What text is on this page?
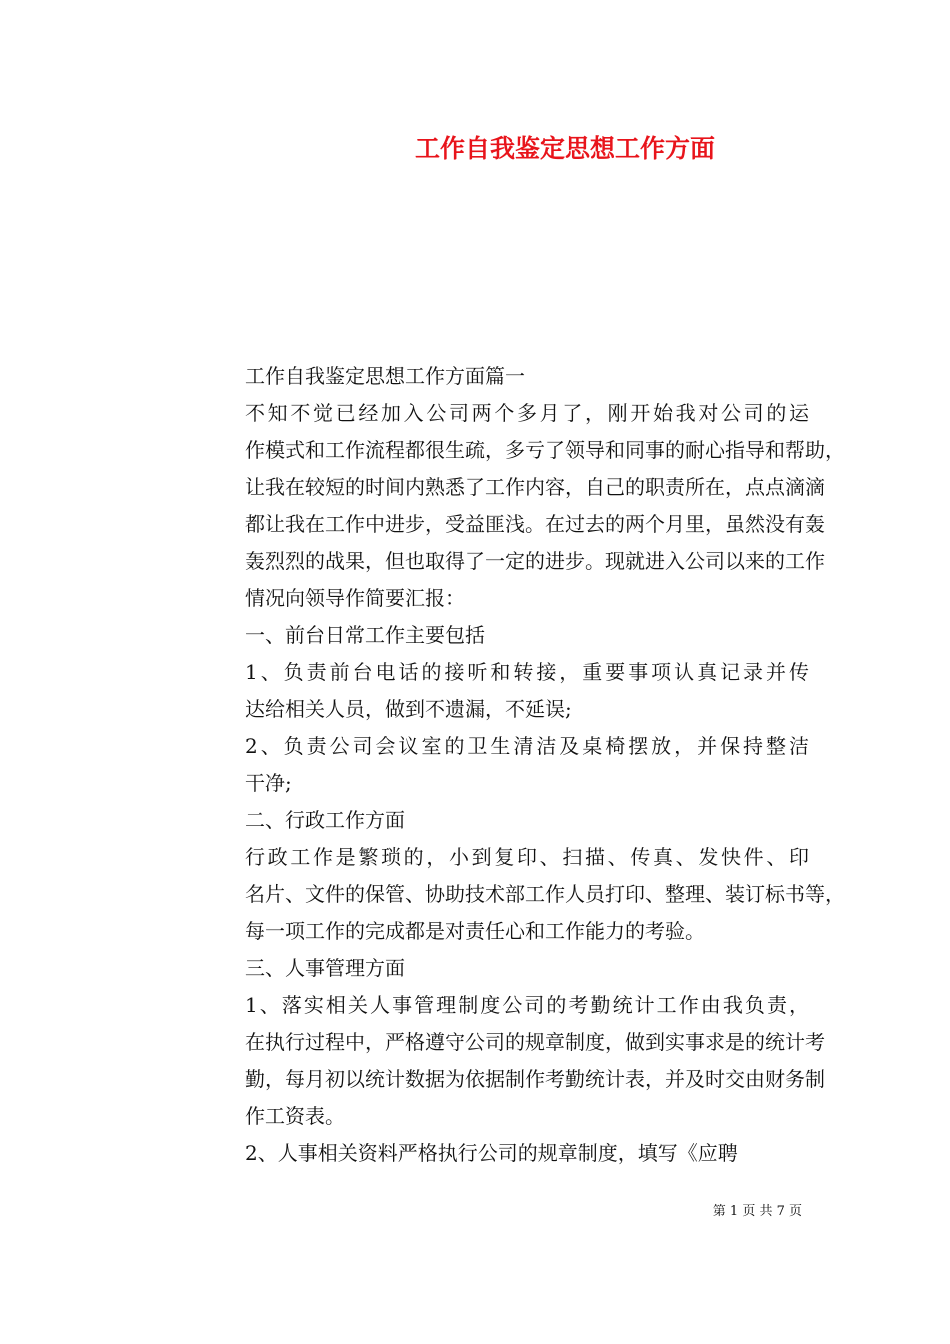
工作自我鉴定思想工作方面

工作自我鉴定思想工作方面篇一

不知不觉已经加入公司两个多月了，刚开始我对公司的运
作模式和工作流程都很生疏，多亏了领导和同事的耐心指导和帮助，
让我在较短的时间内熟悉了工作内容，自己的职责所在，点点滴滴
都让我在工作中进步，受益匪浅。在过去的两个月里，虽然没有轰
轰烈烈的战果，但也取得了一定的进步。现就进入公司以来的工作
情况向领导作简要汇报：

一、前台日常工作主要包括

1、负责前台电话的接听和转接，重要事项认真记录并传
达给相关人员，做到不遗漏，不延误;

2、负责公司会议室的卫生清洁及桌椅摆放，并保持整洁
干净;

二、行政工作方面

行政工作是繁琐的，小到复印、扫描、传真、发快件、印
名片、文件的保管、协助技术部工作人员打印、整理、装订标书等，
每一项工作的完成都是对责任心和工作能力的考验。

三、人事管理方面

1、落实相关人事管理制度公司的考勤统计工作由我负责，
在执行过程中，严格遵守公司的规章制度，做到实事求是的统计考
勤，每月初以统计数据为依据制作考勤统计表，并及时交由财务制
作工资表。

2、人事相关资料严格执行公司的规章制度，填写《应聘

第 1 页 共 7 页
